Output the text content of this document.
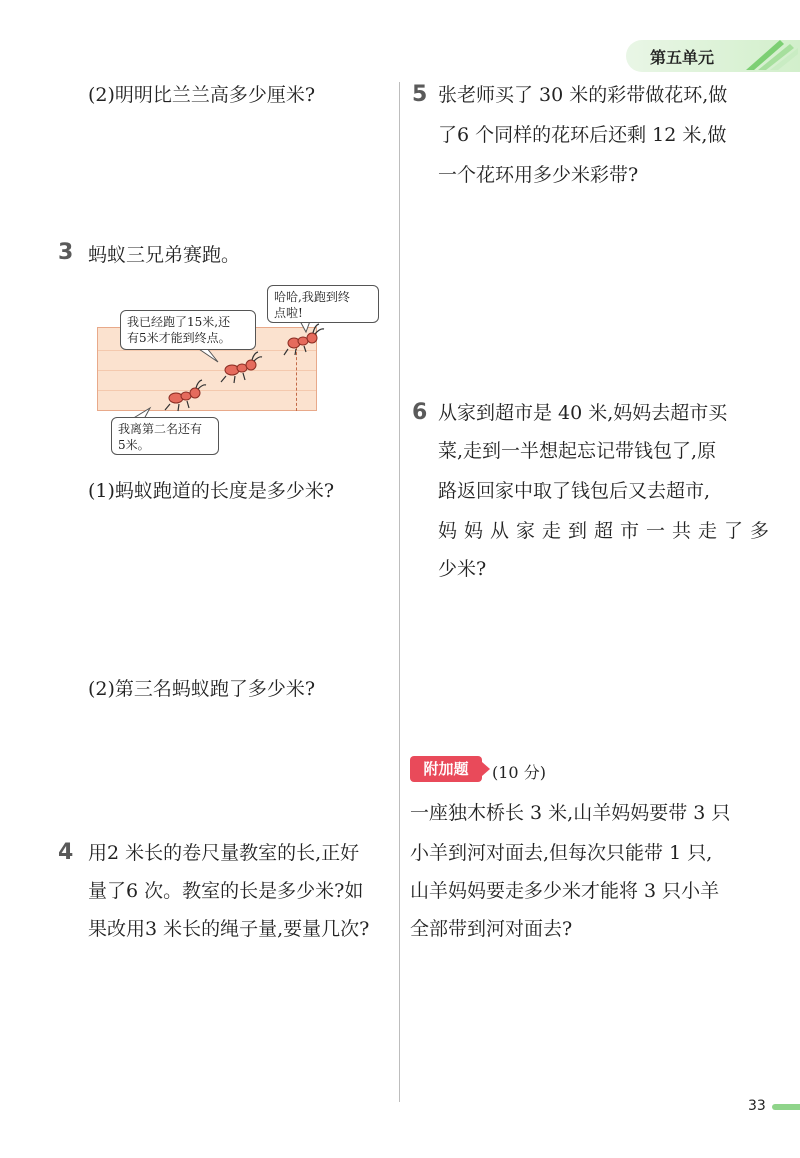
第五单元
(2)明明比兰兰高多少厘米?
3 蚂蚁三兄弟赛跑。
我已经跑了15米,还
有5米才能到终点。
哈哈,我跑到终
点啦!
我离第二名还有
5米。
(1)蚂蚁跑道的长度是多少米?
(2)第三名蚂蚁跑了多少米?
4 用2 米长的卷尺量教室的长,正好
量了6 次。教室的长是多少米?如
果改用3 米长的绳子量,要量几次?
5 张老师买了 30 米的彩带做花环,做
了6 个同样的花环后还剩 12 米,做
一个花环用多少米彩带?
6 从家到超市是 40 米,妈妈去超市买
菜,走到一半想起忘记带钱包了,原
路返回家中取了钱包后又去超市,
妈妈从家走到超市一共走了多
少米?
附加题	(10 分)
一座独木桥长 3 米,山羊妈妈要带 3 只
小羊到河对面去,但每次只能带 1 只,
山羊妈妈要走多少米才能将 3 只小羊
全部带到河对面去?
33
